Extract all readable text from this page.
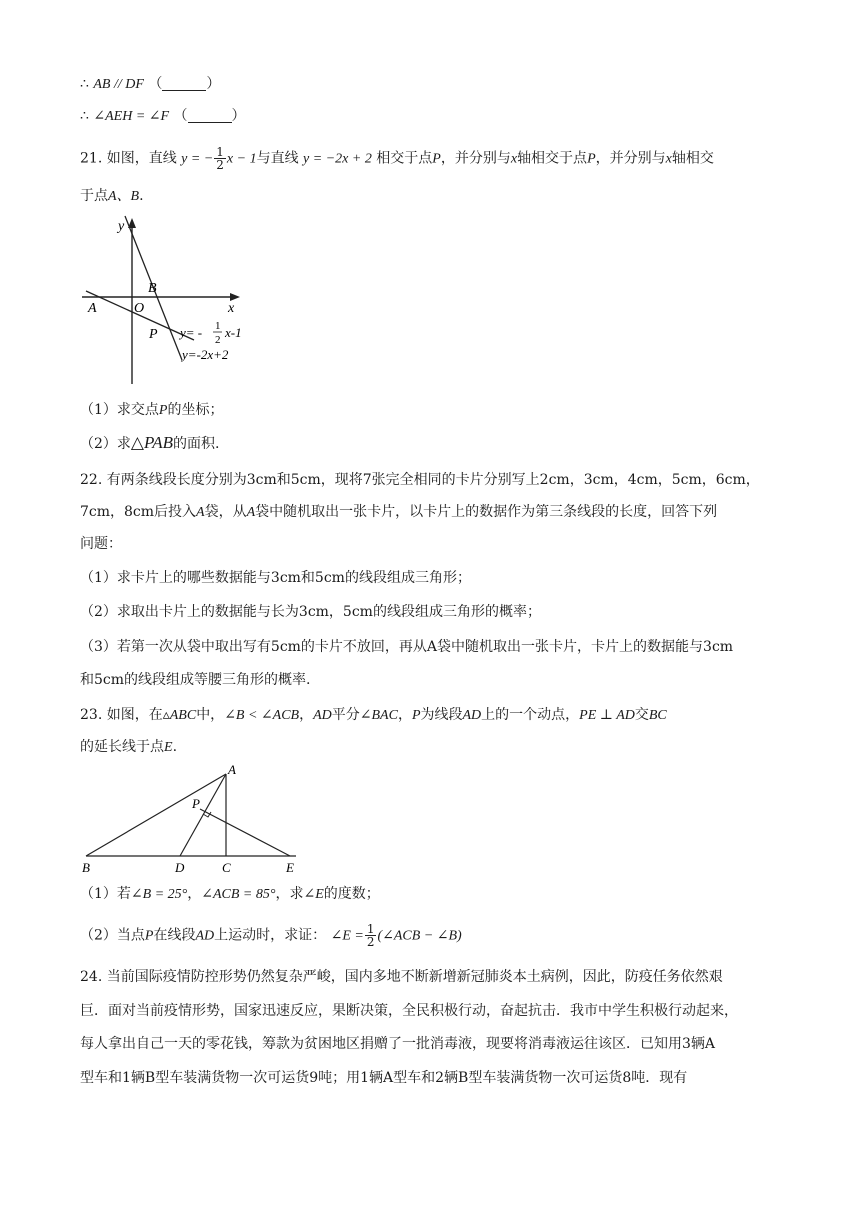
∴ AB // DF （	）
∴ ∠AEH = ∠F （	）
21. 如图，直线 y = − $\frac{1}{2}$ x − 1与直线 y = −2x + 2 相交于点P，并分别与x轴相交于点P，并分别与x轴相交
于点A、B.
y
x
A	O
B
P y= - 1
2 x-1
y=-2x+2
（1）求交点P的坐标；
（2）求△PAB的面积.
22. 有两条线段长度分别为3cm和5cm，现将7张完全相同的卡片分别写上2cm，3cm，4cm，5cm，6cm，
7cm，8cm后投入A袋，从A袋中随机取出一张卡片，以卡片上的数据作为第三条线段的长度，回答下列
问题：
（1）求卡片上的哪些数据能与3cm和5cm的线段组成三角形；
（2）求取出卡片上的数据能与长为3cm，5cm的线段组成三角形的概率；
（3）若第一次从袋中取出写有5cm的卡片不放回，再从A袋中随机取出一张卡片，卡片上的数据能与3cm
和5cm的线段组成等腰三角形的概率.
23. 如图，在▵ABC中，∠B < ∠ACB，AD平分∠BAC，P为线段AD上的一个动点，PE ⊥ AD交BC
的延长线于点E.
A
P
B	D	C	E
（1）若∠B = 25°，∠ACB = 85°，求∠E的度数；
（2）当点P在线段AD上运动时，求证： ∠E = $\frac{1}{2}$ (∠ACB − ∠B)
24. 当前国际疫情防控形势仍然复杂严峻，国内多地不断新增新冠肺炎本土病例，因此，防疫任务依然艰
巨．面对当前疫情形势，国家迅速反应，果断决策，全民积极行动，奋起抗击．我市中学生积极行动起来，
每人拿出自己一天的零花钱，筹款为贫困地区捐赠了一批消毒液，现要将消毒液运往该区．已知用3辆A
型车和1辆B型车装满货物一次可运货9吨；用1辆A型车和2辆B型车装满货物一次可运货8吨．现有
